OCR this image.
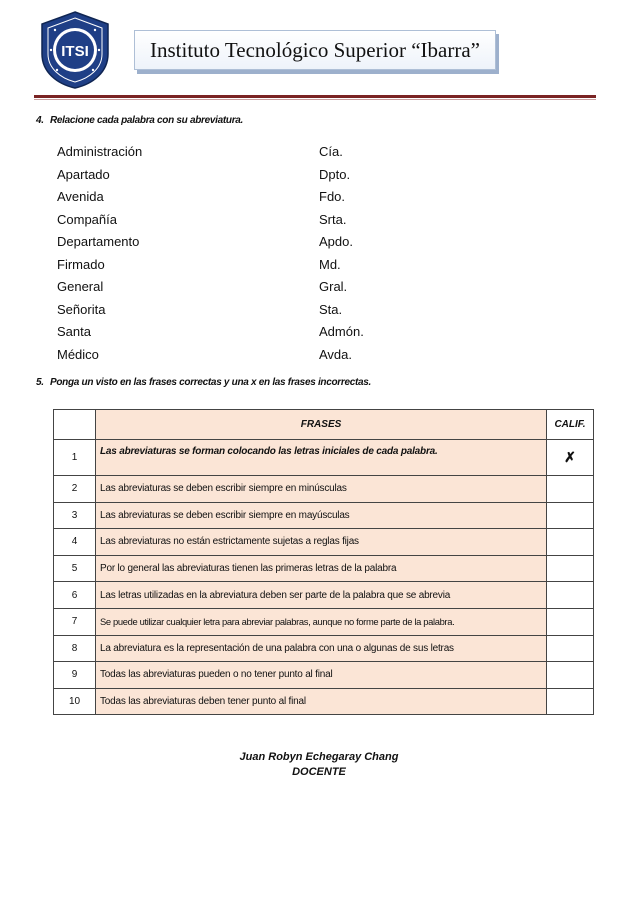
ITSI	Instituto Tecnológico Superior “Ibarra”
4. Relacione cada palabra con su abreviatura.
Administración
Apartado
Avenida
Compañía
Departamento
Firmado
General
Señorita
Santa
Médico
Cía.
Dpto.
Fdo.
Srta.
Apdo.
Md.
Gral.
Sta.
Admón.
Avda.
5. Ponga un visto en las frases correctas y una x en las frases incorrectas.
	FRASES	CALIF.
1	Las abreviaturas se forman colocando las letras iniciales de cada palabra.	✗
2	Las abreviaturas se deben escribir siempre en minúsculas	
3	Las abreviaturas se deben escribir siempre en mayúsculas	
4	Las abreviaturas no están estrictamente sujetas a reglas fijas	
5	Por lo general las abreviaturas tienen las primeras letras de la palabra	
6	Las letras utilizadas en la abreviatura deben ser parte de la palabra que se abrevia	
7	Se puede utilizar cualquier letra para abreviar palabras, aunque no forme parte de la palabra.	
8	La abreviatura es la representación de una palabra con una o algunas de sus letras	
9	Todas las abreviaturas pueden o no tener punto al final	
10	Todas las abreviaturas deben tener punto al final	
Juan Robyn Echegaray Chang
DOCENTE
